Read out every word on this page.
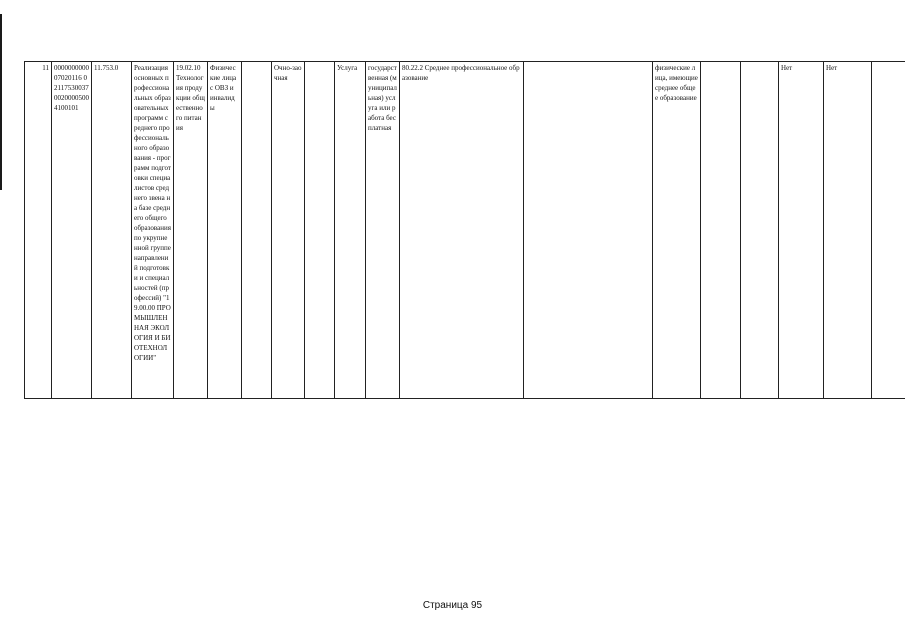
11	000000000007020116 0211753003700200005004100101	11.753.0	Реализация основных профессиональных образовательных программ среднего профессионального образования - программ подготовки специалистов среднего звена на базе среднего общего образования по укрупненной группе направлений подготовки и специальностей (профессий) "19.00.00 ПРОМЫШЛЕННАЯ ЭКОЛОГИЯ И БИОТЕХНОЛОГИИ"	19.02.10 Технология продукции общественного питания	Физические лица с ОВЗ и инвалиды		Очно-заочная		Услуга	государственная (муниципальная) услуга или работа бесплатная	80.22.2 Среднее профессиональное образование		физические лица, имеющие среднее общее образование			Нет	Нет	
Страница 95
